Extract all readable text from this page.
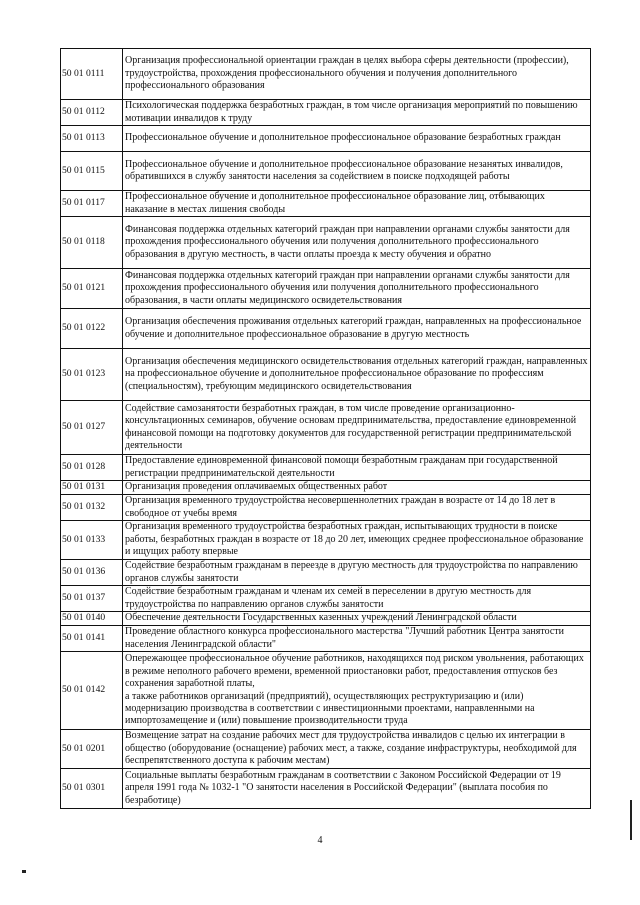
50 01 0111	Организация профессиональной ориентации граждан в целях выбора сферы деятельности (профессии), трудоустройства, прохождения профессионального обучения и получения дополнительного профессионального образования
50 01 0112	Психологическая поддержка безработных граждан, в том числе организация мероприятий по повышению мотивации инвалидов к труду
50 01 0113	Профессиональное обучение и дополнительное профессиональное образование безработных граждан
50 01 0115	Профессиональное обучение и дополнительное профессиональное образование незанятых инвалидов, обратившихся в службу занятости населения за содействием в поиске подходящей работы
50 01 0117	Профессиональное обучение и дополнительное профессиональное образование лиц, отбывающих наказание в местах лишения свободы
50 01 0118	Финансовая поддержка отдельных категорий граждан при направлении органами службы занятости для прохождения профессионального обучения или получения дополнительного профессионального образования в другую местность, в части оплаты проезда к месту обучения и обратно
50 01 0121	Финансовая поддержка отдельных категорий граждан при направлении органами службы занятости для прохождения профессионального обучения или получения дополнительного профессионального образования, в части оплаты медицинского освидетельствования
50 01 0122	Организация обеспечения проживания отдельных категорий граждан, направленных на профессиональное обучение и дополнительное профессиональное образование в другую местность
50 01 0123	Организация обеспечения медицинского освидетельствования отдельных категорий граждан, направленных на профессиональное обучение и дополнительное профессиональное образование по профессиям (специальностям), требующим медицинского освидетельствования
50 01 0127	Содействие самозанятости безработных граждан, в том числе проведение организационно-консультационных семинаров, обучение основам предпринимательства, предоставление единовременной финансовой помощи на подготовку документов для государственной регистрации предпринимательской деятельности
50 01 0128	Предоставление единовременной финансовой помощи безработным гражданам при государственной регистрации предпринимательской деятельности
50 01 0131	Организация проведения оплачиваемых общественных работ
50 01 0132	Организация временного трудоустройства несовершеннолетних граждан в возрасте от 14 до 18 лет в свободное от учебы время
50 01 0133	Организация временного трудоустройства безработных граждан, испытывающих трудности в поиске работы, безработных граждан в возрасте от 18 до 20 лет, имеющих среднее профессиональное образование и ищущих работу впервые
50 01 0136	Содействие безработным гражданам в переезде в другую местность для трудоустройства по направлению органов службы занятости
50 01 0137	Содействие безработным гражданам и членам их семей в переселении в другую местность для трудоустройства по направлению органов службы занятости
50 01 0140	Обеспечение деятельности Государственных казенных учреждений Ленинградской области
50 01 0141	Проведение областного конкурса профессионального мастерства "Лучший работник Центра занятости населения Ленинградской области"
50 01 0142	Опережающее профессиональное обучение работников, находящихся под риском увольнения, работающих в режиме неполного рабочего времени, временной приостановки работ, предоставления отпусков без сохранения заработной платы,
а также работников организаций (предприятий), осуществляющих реструктуризацию и (или) модернизацию производства в соответствии с инвестиционными проектами, направленными на импортозамещение и (или) повышение производительности труда
50 01 0201	Возмещение затрат на создание рабочих мест для трудоустройства инвалидов с целью их интеграции в общество (оборудование (оснащение) рабочих мест, а также, создание инфраструктуры, необходимой для беспрепятственного доступа к рабочим местам)
50 01 0301	Социальные выплаты безработным гражданам в соответствии с Законом Российской Федерации от 19 апреля 1991 года № 1032-1 "О занятости населения в Российской Федерации" (выплата пособия по безработице)
4
